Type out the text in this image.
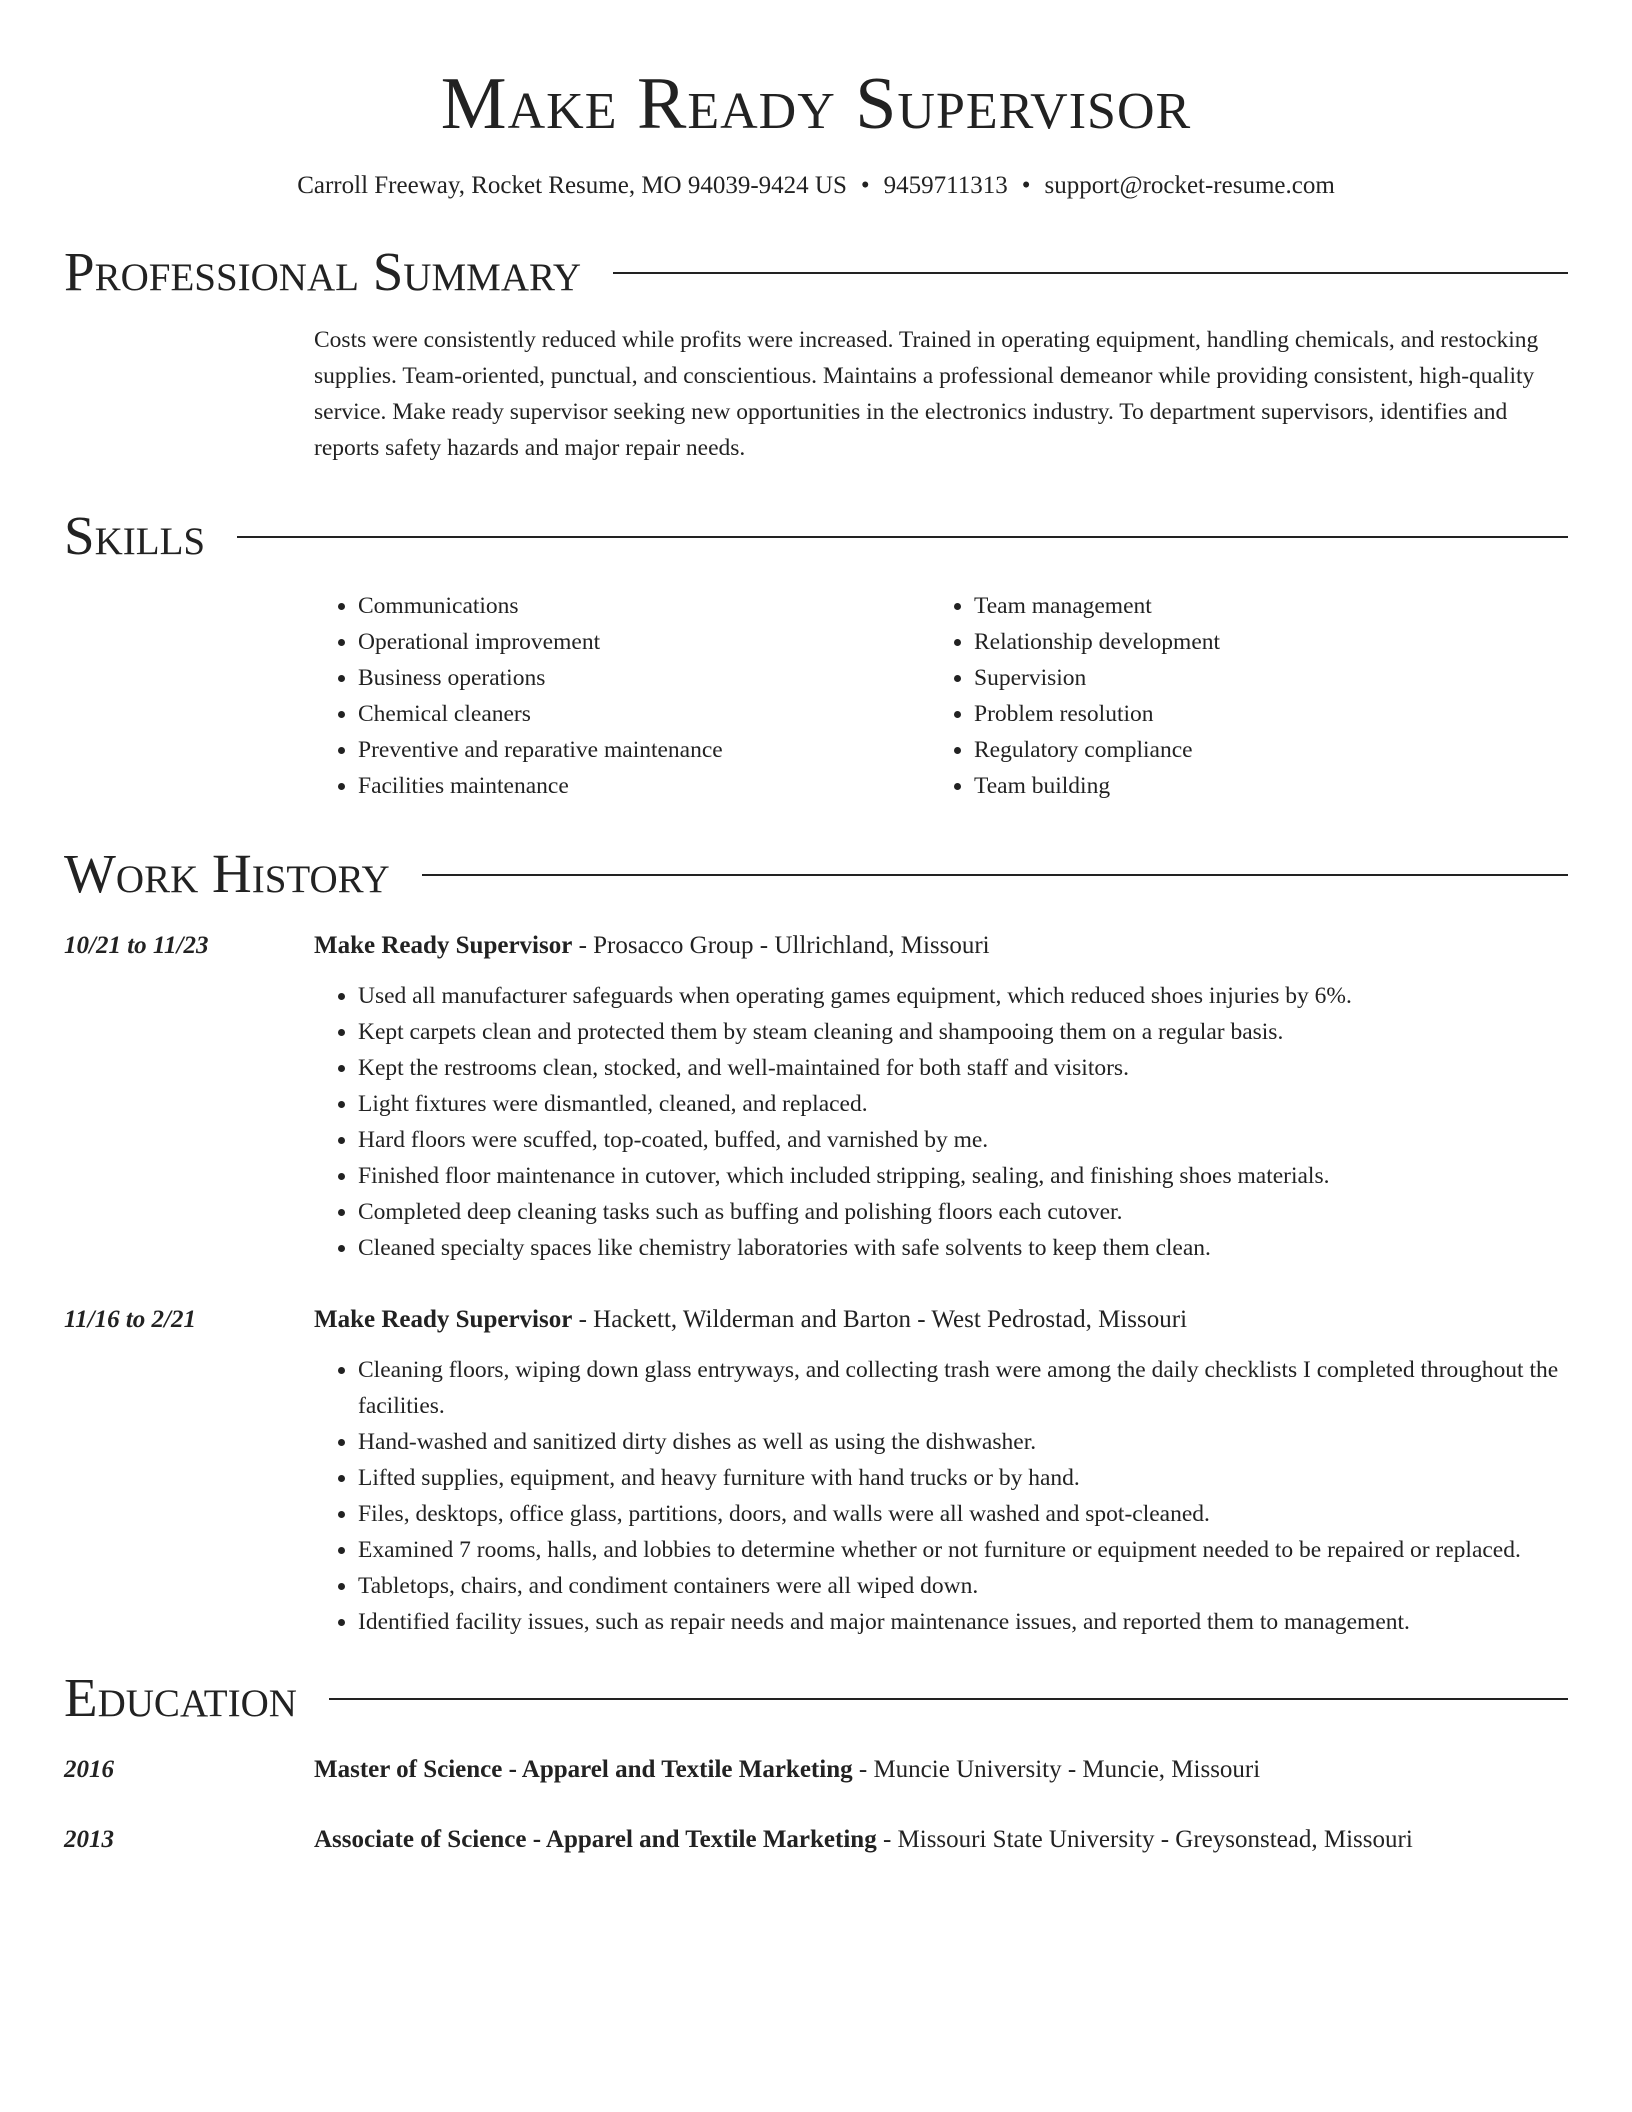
Make Ready Supervisor
Carroll Freeway, Rocket Resume, MO 94039-9424 US • 9459711313 • support@rocket-resume.com
Professional Summary

Costs were consistently reduced while profits were increased. Trained in operating equipment, handling chemicals, and restocking supplies. Team-oriented, punctual, and conscientious. Maintains a professional demeanor while providing consistent, high-quality service. Make ready supervisor seeking new opportunities in the electronics industry. To department supervisors, identifies and reports safety hazards and major repair needs.

Skills
• Communications
• Operational improvement
• Business operations
• Chemical cleaners
• Preventive and reparative maintenance
• Facilities maintenance
• Team management
• Relationship development
• Supervision
• Problem resolution
• Regulatory compliance
• Team building
Work History
10/21 to 11/23	Make Ready Supervisor - Prosacco Group - Ullrichland, Missouri
• Used all manufacturer safeguards when operating games equipment, which reduced shoes injuries by 6%.
• Kept carpets clean and protected them by steam cleaning and shampooing them on a regular basis.
• Kept the restrooms clean, stocked, and well-maintained for both staff and visitors.
• Light fixtures were dismantled, cleaned, and replaced.
• Hard floors were scuffed, top-coated, buffed, and varnished by me.
• Finished floor maintenance in cutover, which included stripping, sealing, and finishing shoes materials.
• Completed deep cleaning tasks such as buffing and polishing floors each cutover.
• Cleaned specialty spaces like chemistry laboratories with safe solvents to keep them clean.
11/16 to 2/21	Make Ready Supervisor - Hackett, Wilderman and Barton - West Pedrostad, Missouri
• Cleaning floors, wiping down glass entryways, and collecting trash were among the daily checklists I completed throughout the facilities.
• Hand-washed and sanitized dirty dishes as well as using the dishwasher.
• Lifted supplies, equipment, and heavy furniture with hand trucks or by hand.
• Files, desktops, office glass, partitions, doors, and walls were all washed and spot-cleaned.
• Examined 7 rooms, halls, and lobbies to determine whether or not furniture or equipment needed to be repaired or replaced.
• Tabletops, chairs, and condiment containers were all wiped down.
• Identified facility issues, such as repair needs and major maintenance issues, and reported them to management.
Education
2016	Master of Science - Apparel and Textile Marketing - Muncie University - Muncie, Missouri
2013	Associate of Science - Apparel and Textile Marketing - Missouri State University - Greysonstead, Missouri
